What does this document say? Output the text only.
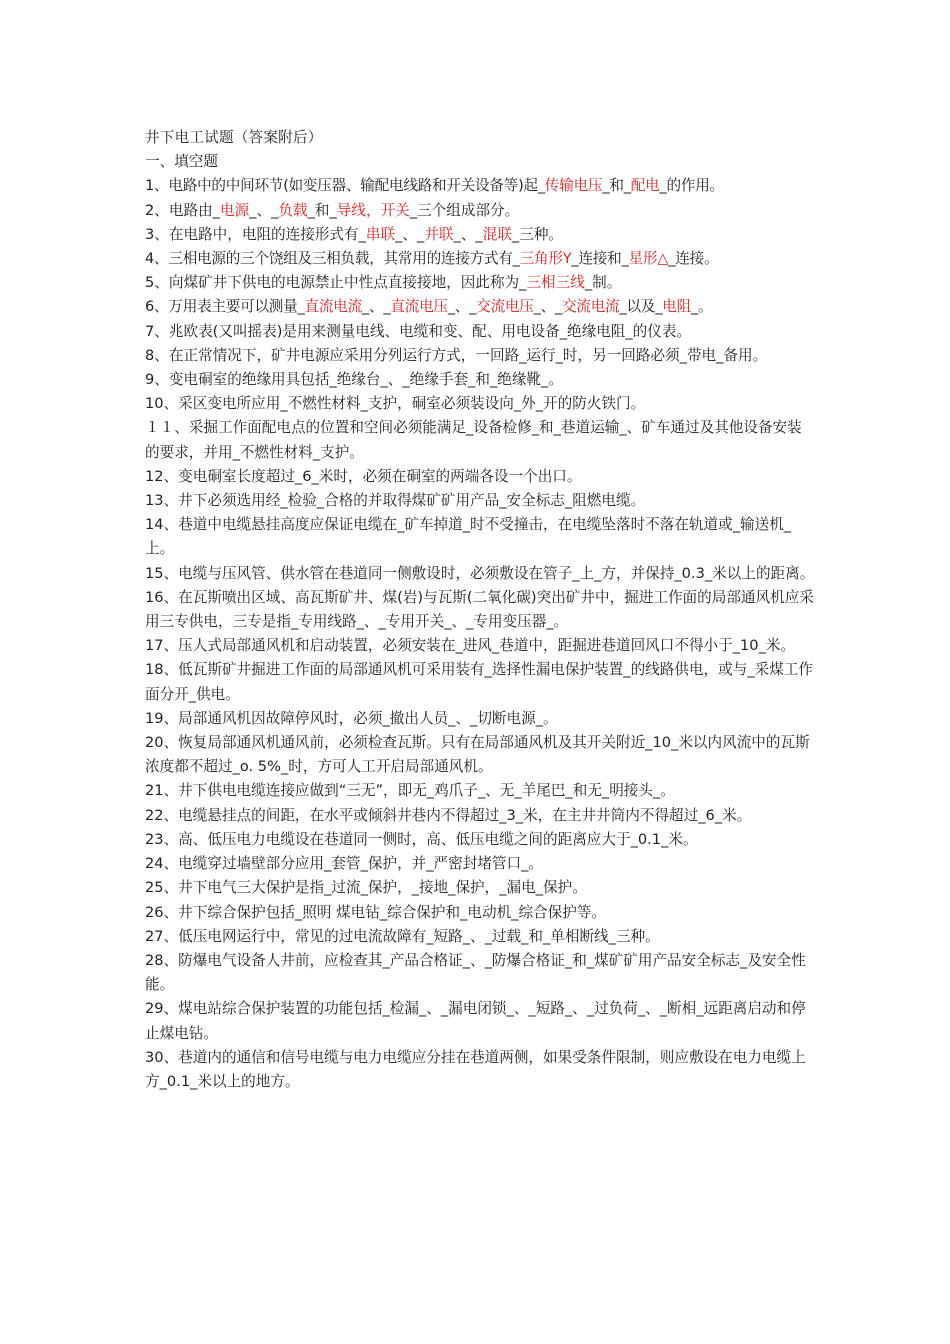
井下电工试题（答案附后）

一、填空题

1、电路中的中间环节(如变压器、输配电线路和开关设备等)起_传输电压_和_配电_的作用。

2、电路由_电源_、_负载_和_导线，开关_三个组成部分。

3、在电路中，电阻的连接形式有_串联_、_并联_、_混联_三种。

4、三相电源的三个饶组及三相负载，其常用的连接方式有_三角形Y_连接和_星形△_连接。

5、向煤矿井下供电的电源禁止中性点直接接地，因此称为_三相三线_制。

6、万用表主要可以测量_直流电流_、_直流电压_、_交流电压_、_交流电流_以及_电阻_。

7、兆欧表(又叫摇表)是用来测量电线、电缆和变、配、用电设备_绝缘电阻_的仪表。

8、在正常情况下，矿井电源应采用分列运行方式，一回路_运行_时，另一回路必须_带电_备用。

9、变电硐室的绝缘用具包括_绝缘台_、_绝缘手套_和_绝缘靴_。

10、采区变电所应用_不燃性材料_支护，硐室必须装设向_外_开的防火铁门。

１１、采掘工作面配电点的位置和空间必须能满足_设备检修_和_巷道运输_、矿车通过及其他设备安装的要求，并用_不燃性材料_支护。

12、变电硐室长度超过_6_米时，必须在硐室的两端各设一个出口。

13、井下必须选用经_检验_合格的并取得煤矿矿用产品_安全标志_阻燃电缆。

14、巷道中电缆悬挂高度应保证电缆在_矿车掉道_时不受撞击，在电缆坠落时不落在轨道或_输送机_上。

15、电缆与压风管、供水管在巷道同一侧敷设时，必须敷设在管子_上_方，并保持_0.3_米以上的距离。

16、在瓦斯喷出区域、高瓦斯矿井、煤(岩)与瓦斯(二氧化碳)突出矿井中，掘进工作面的局部通风机应采用三专供电，三专是指_专用线路_、_专用开关_、_专用变压器_。

17、压人式局部通风机和启动装置，必须安装在_进风_巷道中，距掘进巷道回风口不得小于_10_米。

18、低瓦斯矿井掘进工作面的局部通风机可采用装有_选择性漏电保护装置_的线路供电，或与_采煤工作面分开_供电。

19、局部通风机因故障停风时，必须_撤出人员_、_切断电源_。

20、恢复局部通风机通风前，必须检查瓦斯。只有在局部通风机及其开关附近_10_米以内风流中的瓦斯浓度都不超过_o. 5%_时，方可人工开启局部通风机。

21、井下供电电缆连接应做到“三无”，即无_鸡爪子_、无_羊尾巴_和无_明接头_。

22、电缆悬挂点的间距，在水平或倾斜井巷内不得超过_3_米，在主井井筒内不得超过_6_米。

23、高、低压电力电缆设在巷道同一侧时，高、低压电缆之间的距离应大于_0.1_米。

24、电缆穿过墙壁部分应用_套管_保护，并_严密封堵管口_。

25、井下电气三大保护是指_过流_保护，_接地_保护，_漏电_保护。

26、井下综合保护包括_照明 煤电钻_综合保护和_电动机_综合保护等。

27、低压电网运行中，常见的过电流故障有_短路_、_过载_和_单相断线_三种。

28、防爆电气设备人井前，应检查其_产品合格证_、_防爆合格证_和_煤矿矿用产品安全标志_及安全性能。

29、煤电站综合保护装置的功能包括_检漏_、_漏电闭锁_、_短路_、_过负荷_、_断相_远距离启动和停止煤电钻。

30、巷道内的通信和信号电缆与电力电缆应分挂在巷道两侧，如果受条件限制，则应敷设在电力电缆上方_0.1_米以上的地方。
